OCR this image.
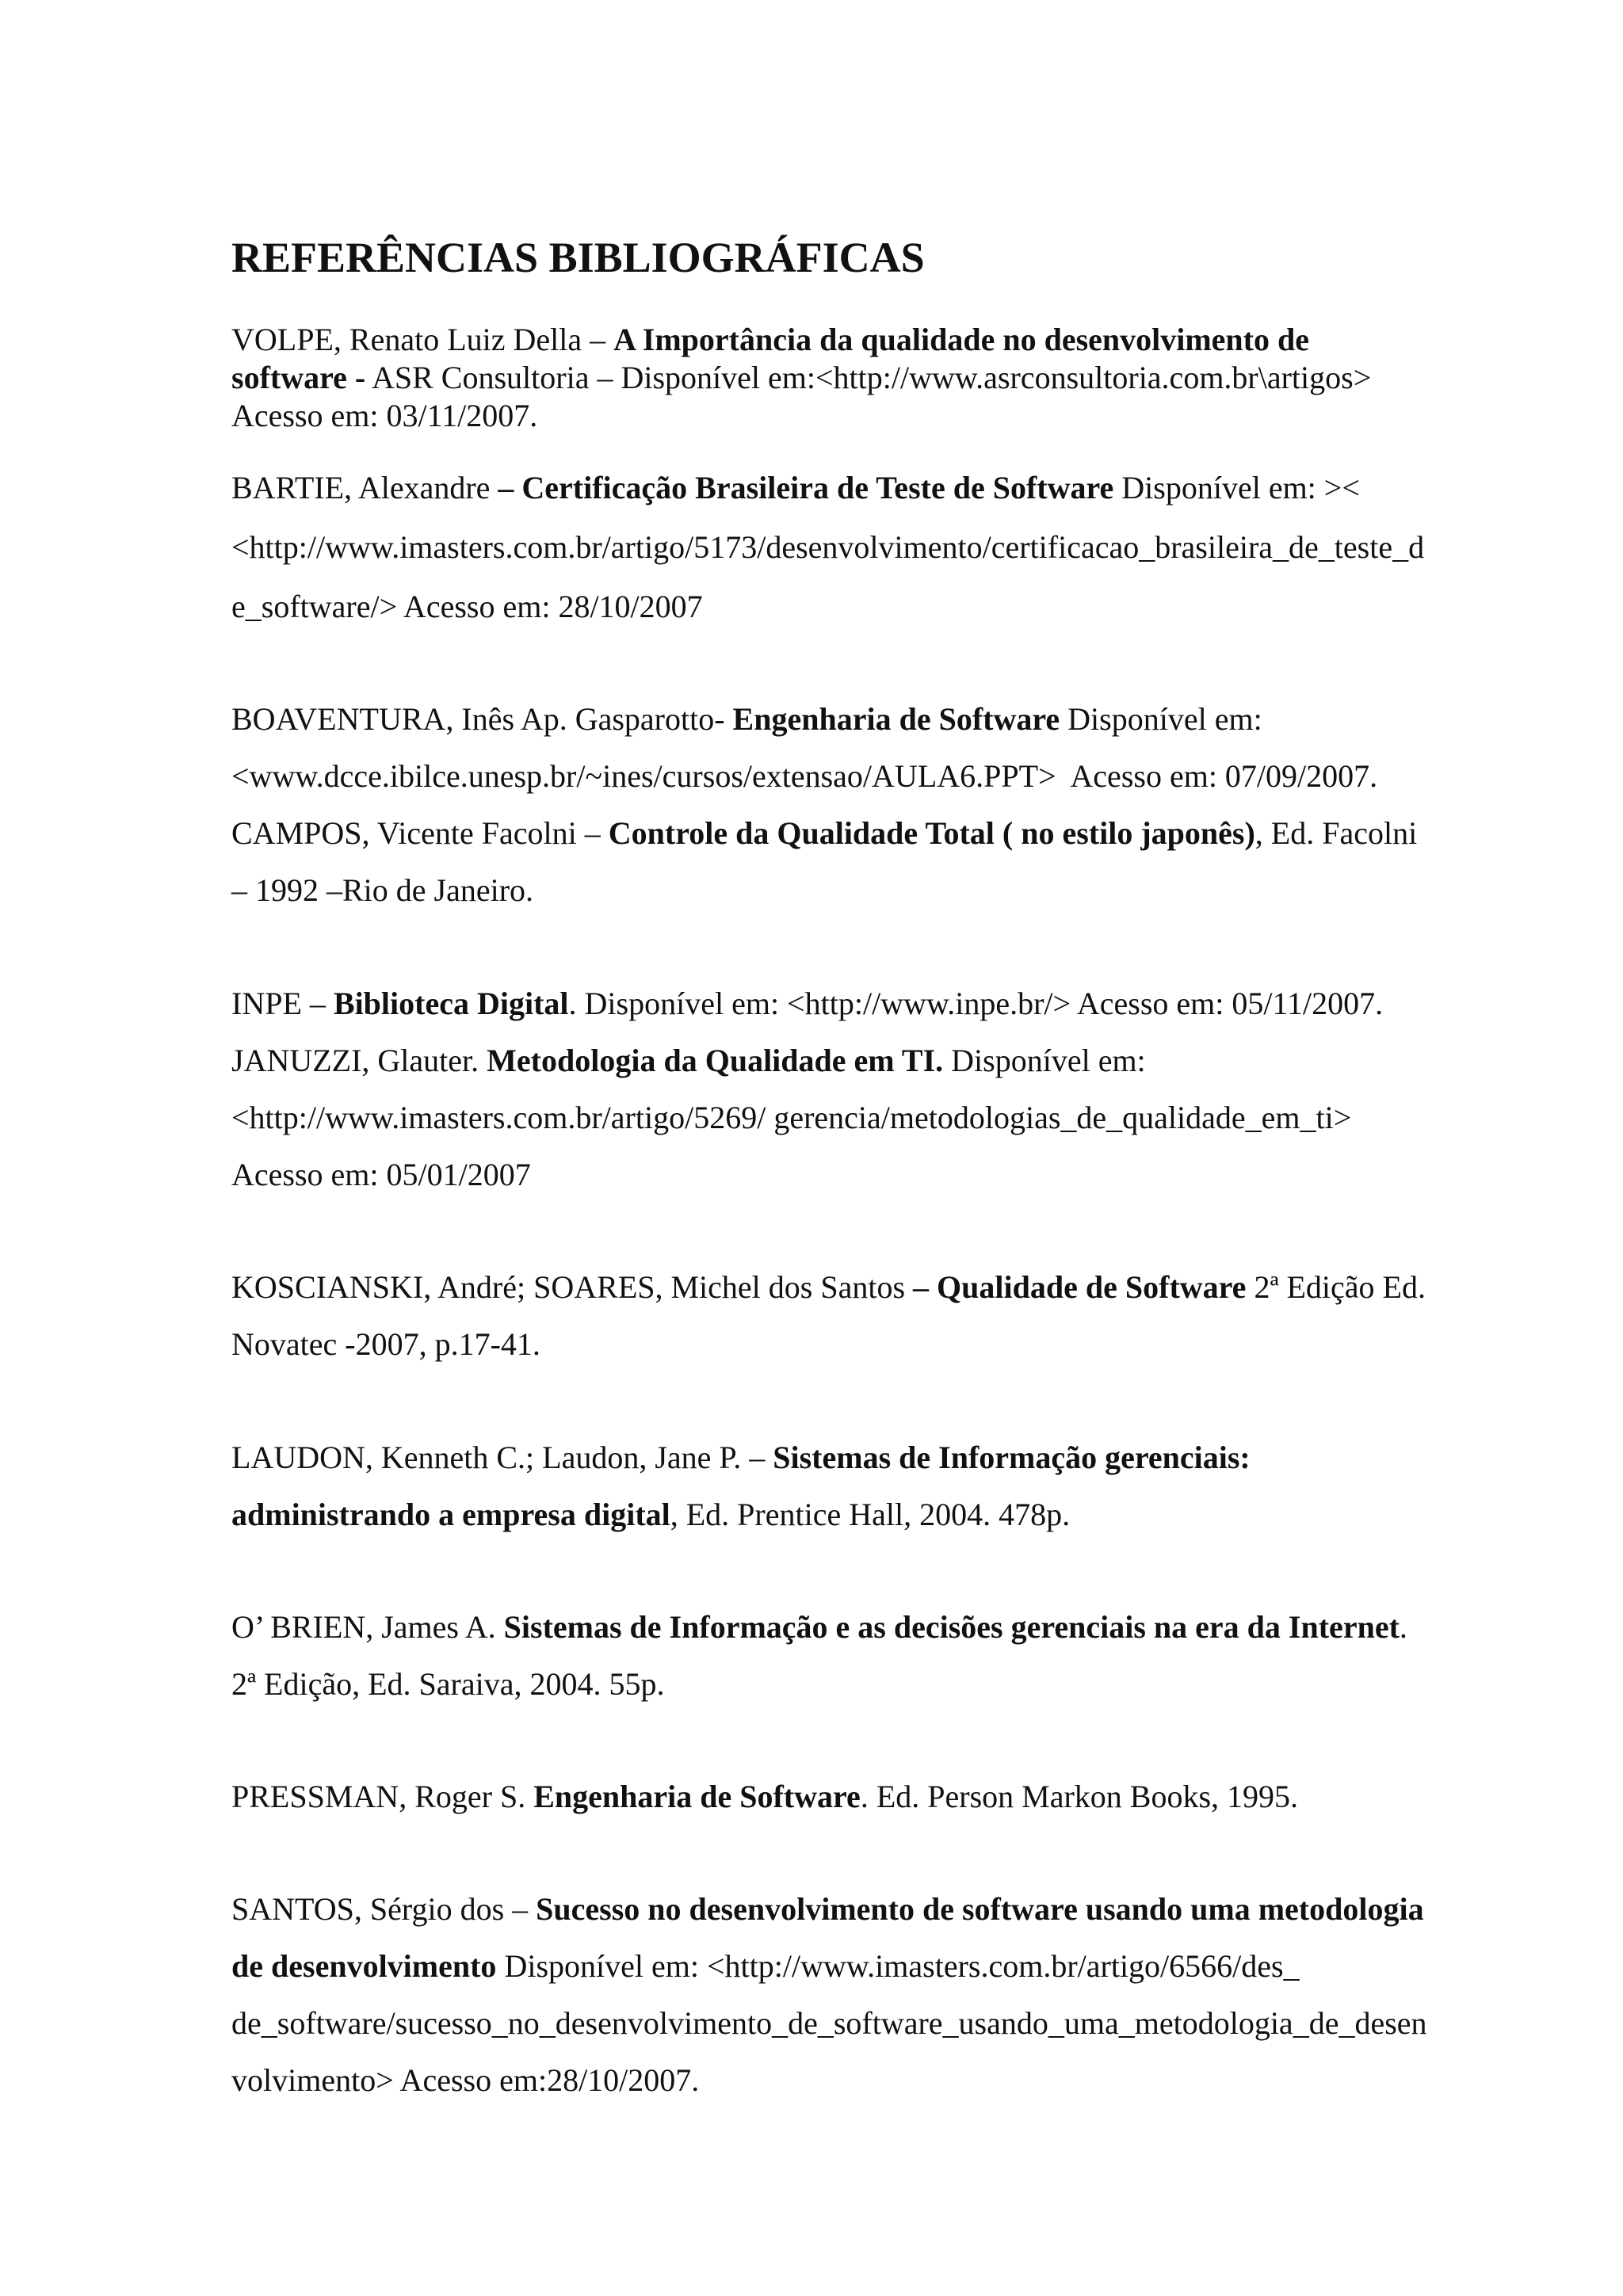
REFERÊNCIAS BIBLIOGRÁFICAS
VOLPE, Renato Luiz Della – A Importância da qualidade no desenvolvimento de
software - ASR Consultoria – Disponível em:<http://www.asrconsultoria.com.br\artigos>
Acesso em: 03/11/2007.
BARTIE, Alexandre – Certificação Brasileira de Teste de Software Disponível em: ><
<http://www.imasters.com.br/artigo/5173/desenvolvimento/certificacao_brasileira_de_teste_d
e_software/> Acesso em: 28/10/2007
BOAVENTURA, Inês Ap. Gasparotto- Engenharia de Software Disponível em:
<www.dcce.ibilce.unesp.br/~ines/cursos/extensao/AULA6.PPT>  Acesso em: 07/09/2007.
CAMPOS, Vicente Facolni – Controle da Qualidade Total ( no estilo japonês), Ed. Facolni
– 1992 –Rio de Janeiro.
INPE – Biblioteca Digital. Disponível em: <http://www.inpe.br/> Acesso em: 05/11/2007.
JANUZZI, Glauter. Metodologia da Qualidade em TI. Disponível em:
<http://www.imasters.com.br/artigo/5269/ gerencia/metodologias_de_qualidade_em_ti>
Acesso em: 05/01/2007
KOSCIANSKI, André; SOARES, Michel dos Santos – Qualidade de Software 2ª Edição Ed.
Novatec -2007, p.17-41.
LAUDON, Kenneth C.; Laudon, Jane P. – Sistemas de Informação gerenciais:
administrando a empresa digital, Ed. Prentice Hall, 2004. 478p.
O’ BRIEN, James A. Sistemas de Informação e as decisões gerenciais na era da Internet.
2ª Edição, Ed. Saraiva, 2004. 55p.
PRESSMAN, Roger S. Engenharia de Software. Ed. Person Markon Books, 1995.
SANTOS, Sérgio dos – Sucesso no desenvolvimento de software usando uma metodologia
de desenvolvimento Disponível em: <http://www.imasters.com.br/artigo/6566/des_
de_software/sucesso_no_desenvolvimento_de_software_usando_uma_metodologia_de_desen
volvimento> Acesso em:28/10/2007.
